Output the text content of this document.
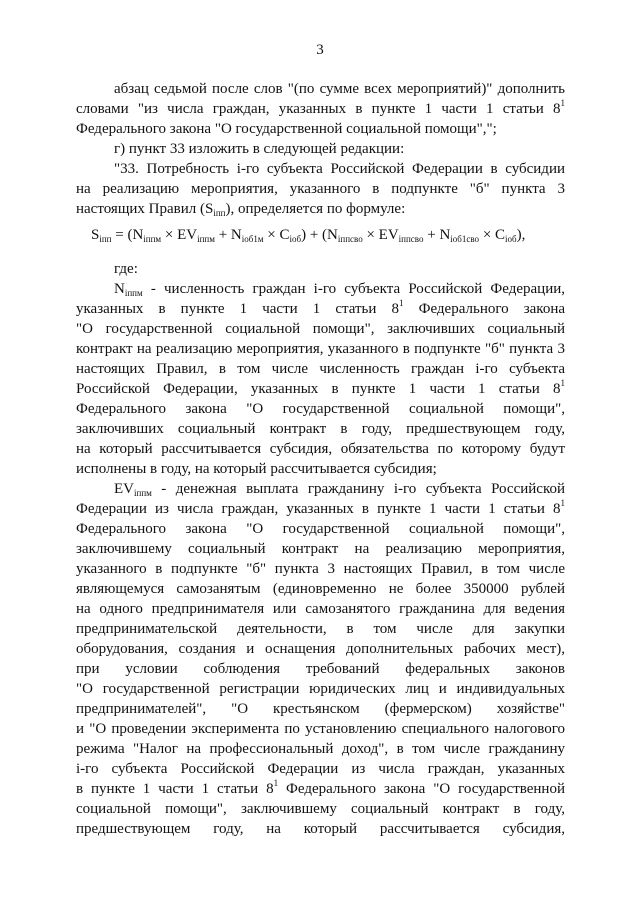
3
абзац седьмой после слов "(по сумме всех мероприятий)" дополнить
словами "из числа граждан, указанных в пункте 1 части 1 статьи $8^1$
Федерального закона "О государственной социальной помощи",";
г) пункт 33 изложить в следующей редакции:
"33. Потребность і-го субъекта Российской Федерации в субсидии
на реализацию мероприятия, указанного в подпункте "б" пункта 3
настоящих Правил $(S_{іпп})$, определяется по формуле:
$S_{іпп} = (N_{іппм} \times EV_{іппм} + N_{іоб1м} \times C_{іоб}) + (N_{іппсво} \times EV_{іппсво} + N_{іоб1сво} \times C_{іоб})$,
где:
$N_{іппм}$ - численность граждан і-го субъекта Российской Федерации,
указанных в пункте 1 части 1 статьи $8^1$ Федерального закона
"О государственной социальной помощи", заключивших социальный
контракт на реализацию мероприятия, указанного в подпункте "б" пункта 3
настоящих Правил, в том числе численность граждан і-го субъекта
Российской Федерации, указанных в пункте 1 части 1 статьи $8^1$
Федерального закона "О государственной социальной помощи",
заключивших социальный контракт в году, предшествующем году,
на который рассчитывается субсидия, обязательства по которому будут
исполнены в году, на который рассчитывается субсидия;
$EV_{іппм}$ - денежная выплата гражданину і-го субъекта Российской
Федерации из числа граждан, указанных в пункте 1 части 1 статьи $8^1$
Федерального закона "О государственной социальной помощи",
заключившему социальный контракт на реализацию мероприятия,
указанного в подпункте "б" пункта 3 настоящих Правил, в том числе
являющемуся самозанятым (единовременно не более 350000 рублей
на одного предпринимателя или самозанятого гражданина для ведения
предпринимательской деятельности, в том числе для закупки
оборудования, создания и оснащения дополнительных рабочих мест),
при условии соблюдения требований федеральных законов
"О государственной регистрации юридических лиц и индивидуальных
предпринимателей", "О крестьянском (фермерском) хозяйстве"
и "О проведении эксперимента по установлению специального налогового
режима "Налог на профессиональный доход", в том числе гражданину
і-го субъекта Российской Федерации из числа граждан, указанных
в пункте 1 части 1 статьи $8^1$ Федерального закона "О государственной
социальной помощи", заключившему социальный контракт в году,
предшествующем году, на который рассчитывается субсидия,
